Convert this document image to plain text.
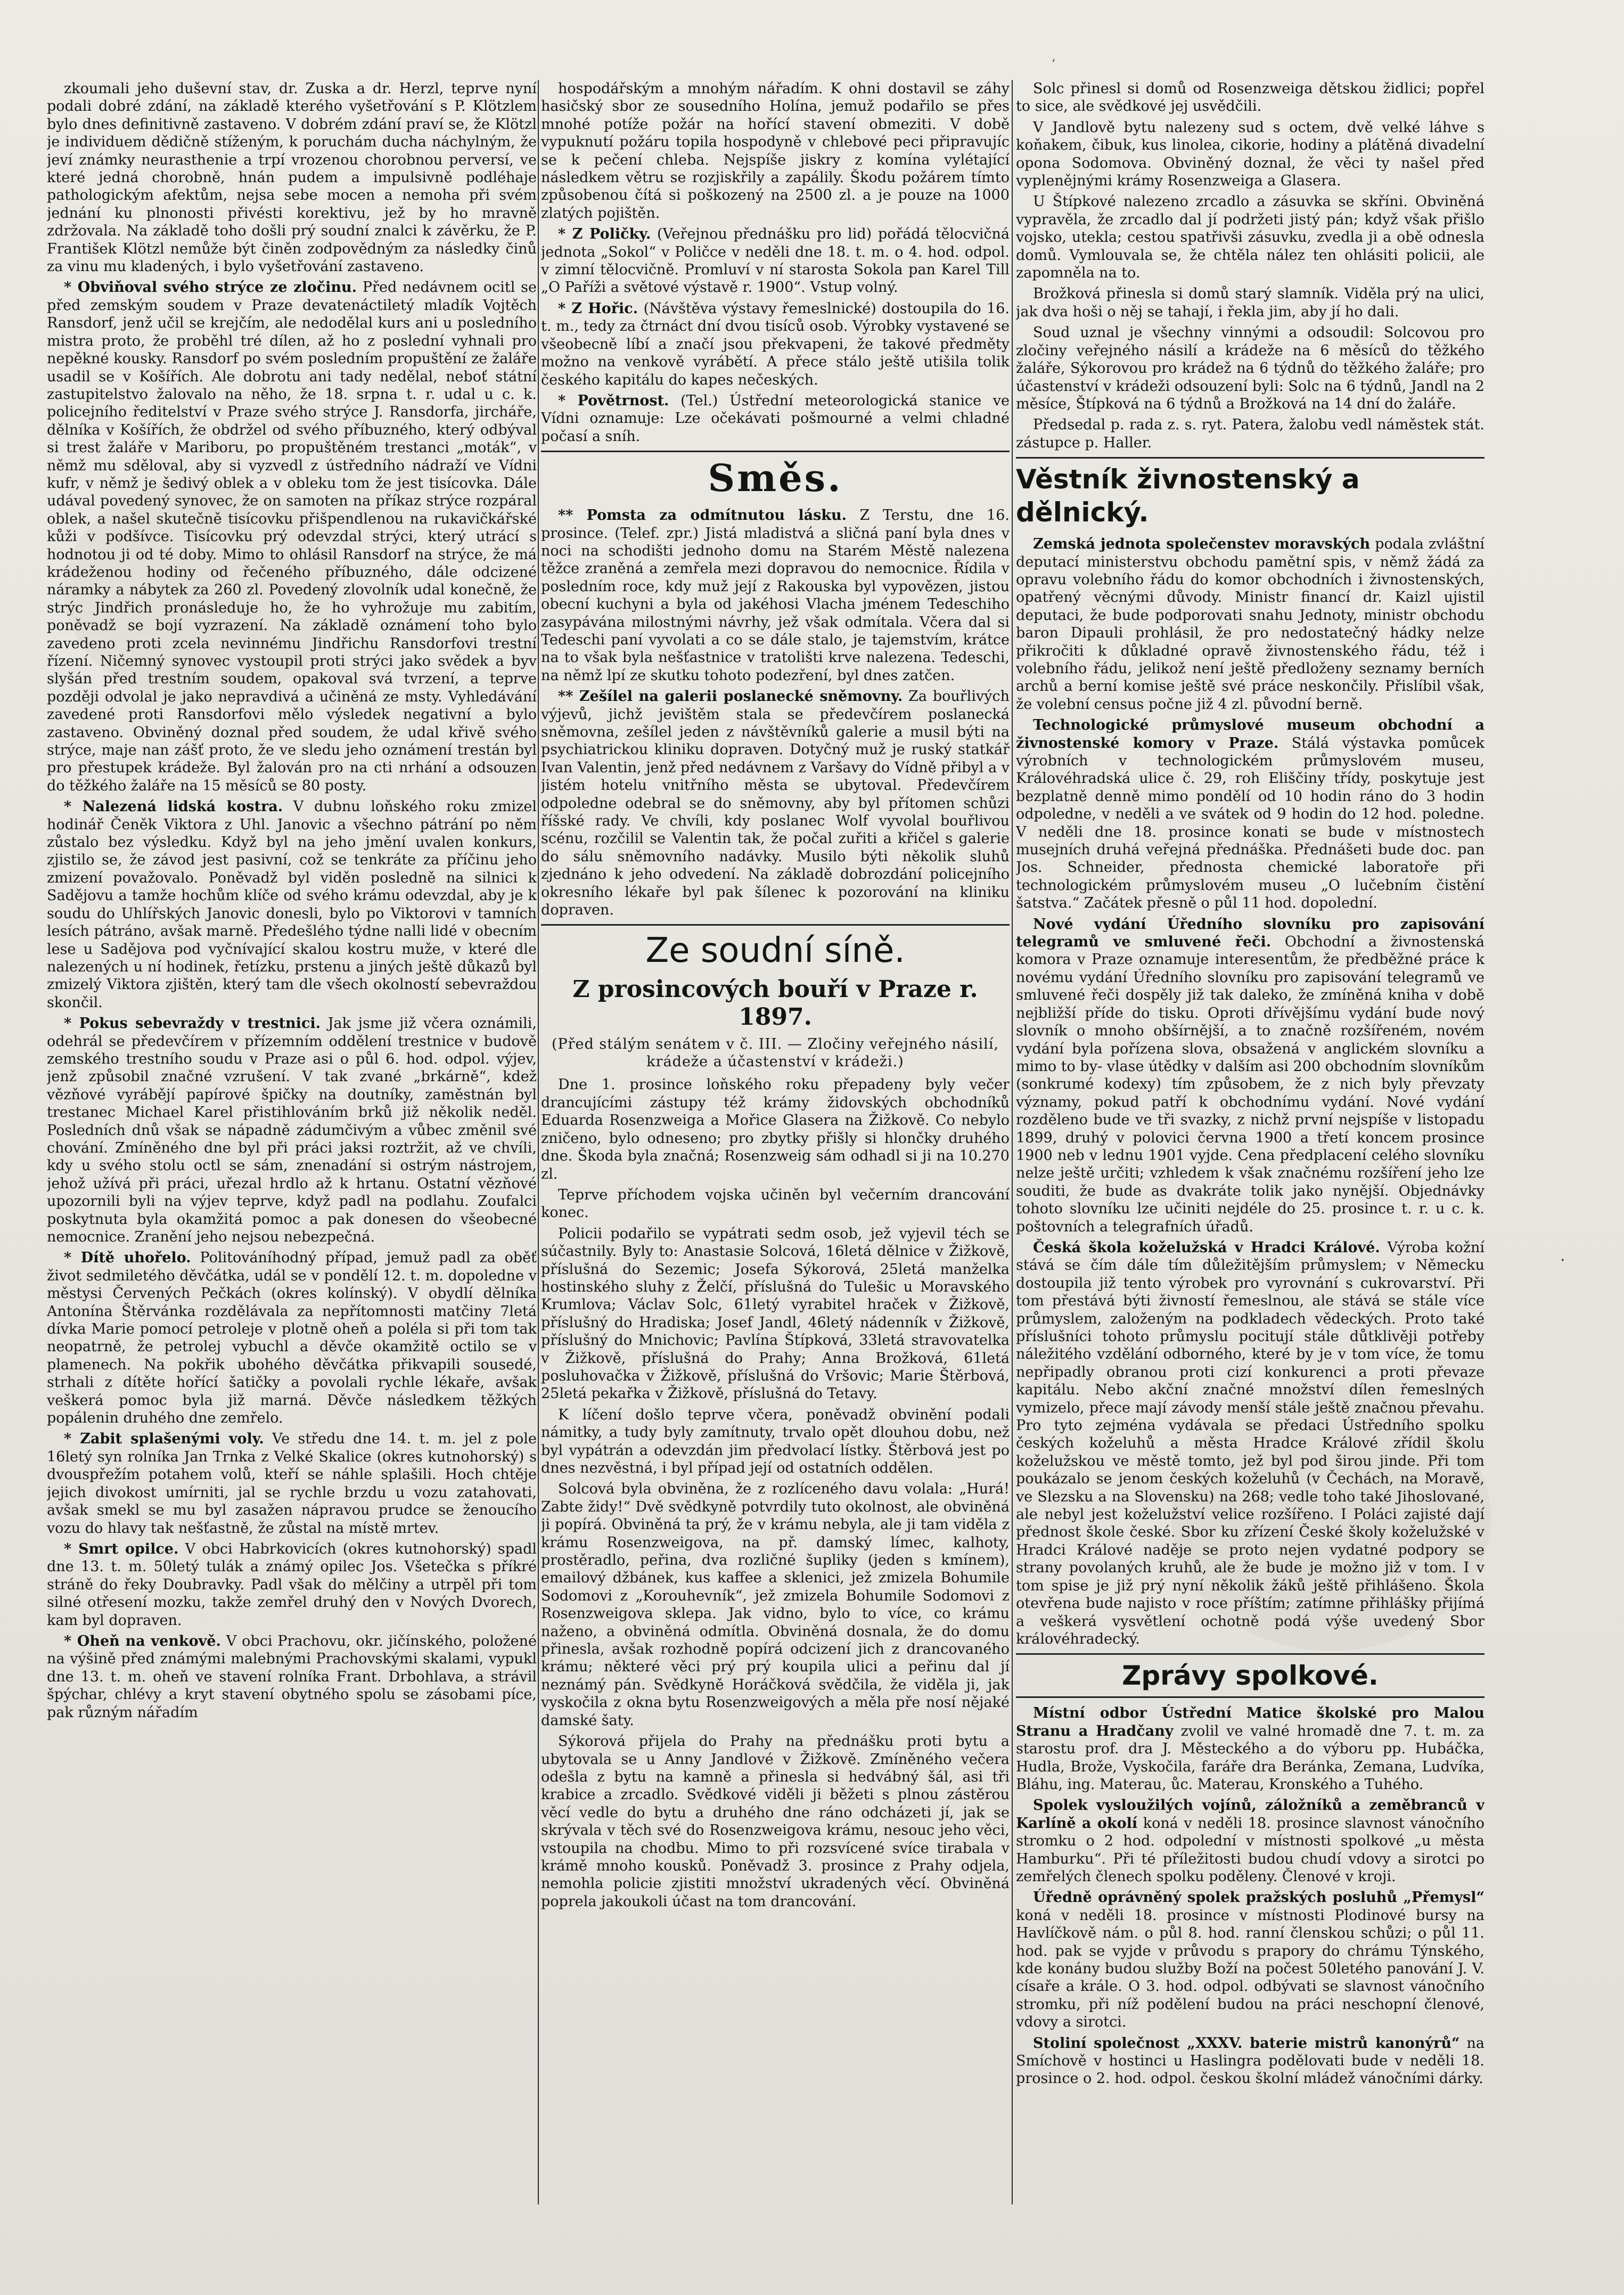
ʻ

zkoumali jeho duševní stav, dr. Zuska a dr. Herzl, teprve nyní podali dobré zdání, na základě kterého vyšetřování s P. Klötzlem bylo dnes definitivně zastaveno. V dobrém zdání praví se, že Klötzl je individuem dědičně stíženým, k poruchám ducha náchylným, že jeví známky neurasthenie a trpí vrozenou chorobnou perversí, ve které jedná chorobně, hnán pudem a impulsivně podléhaje pathologickým afektům, nejsa sebe mocen a nemoha při svém jednání ku plnonosti přivésti korektivu, jež by ho mravně zdržovala. Na základě toho došli prý soudní znalci k závěrku, že P. František Klötzl nemůže být činěn zodpovědným za následky činů za vinu mu kladených, i bylo vyšetřování zastaveno.

* Obviňoval svého strýce ze zločinu. Před nedávnem ocitl se před zemským soudem v Praze devatenáctiletý mladík Vojtěch Ransdorf, jenž učil se krejčím, ale nedodělal kurs ani u posledního mistra proto, že proběhl tré dílen, až ho z poslední vyhnali pro nepěkné kousky. Ransdorf po svém posledním propuštění ze žaláře usadil se v Košířích. Ale dobrotu ani tady nedělal, neboť státní zastupitelstvo žalovalo na něho, že 18. srpna t. r. udal u c. k. policejního ředitelství v Praze svého strýce J. Ransdorfa, jircháře, dělníka v Košířích, že obdržel od svého příbuzného, který odbýval si trest žaláře v Mariboru, po propuštěném trestanci „moták“, v němž mu sděloval, aby si vyzvedl z ústředního nádraží ve Vídni kufr, v němž je šedivý oblek a v obleku tom že jest tisícovka. Dále udával povedený synovec, že on samoten na příkaz strýce rozpáral oblek, a našel skutečně tisícovku přišpendlenou na rukavičkářské kůži v podšívce. Tisícovku prý odevzdal strýci, který utrácí s hodnotou ji od té doby. Mimo to ohlásil Ransdorf na strýce, že má krádeženou hodiny od řečeného příbuzného, dále odcizené náramky a nábytek za 260 zl. Povedený zlovolník udal konečně, že strýc Jindřich pronásleduje ho, že ho vyhrožuje mu zabitím, poněvadž se bojí vyzrazení. Na základě oznámení toho bylo zavedeno proti zcela nevinnému Jindřichu Ransdorfovi trestní řízení. Ničemný synovec vystoupil proti strýci jako svědek a byv slyšán před trestním soudem, opakoval svá tvrzení, a teprve později odvolal je jako nepravdivá a učiněná ze msty. Vyhledávání zavedené proti Ransdorfovi mělo výsledek negativní a bylo zastaveno. Obviněný doznal před soudem, že udal křivě svého strýce, maje nan zášť proto, že ve sledu jeho oznámení trestán byl pro přestupek krádeže. Byl žalován pro na cti nrhání a odsouzen do těžkého žaláře na 15 měsíců se 80 posty.

* Nalezená lidská kostra. V dubnu loňského roku zmizel hodinář Čeněk Viktora z Uhl. Janovic a všechno pátrání po něm zůstalo bez výsledku. Když byl na jeho jmění uvalen konkurs, zjistilo se, že závod jest pasivní, což se tenkráte za příčinu jeho zmizení považovalo. Poněvadž byl viděn posledně na silnici k Sadějovu a tamže hochům klíče od svého krámu odevzdal, aby je k soudu do Uhlířských Janovic donesli, bylo po Viktorovi v tamních lesích pátráno, avšak marně. Předešlého týdne nalli lidé v obecním lese u Sadějova pod vyčnívající skalou kostru muže, v které dle nalezených u ní hodinek, řetízku, prstenu a jiných ještě důkazů byl zmizelý Viktora zjištěn, který tam dle všech okolností sebevraždou skončil.

* Pokus sebevraždy v trestnici. Jak jsme již včera oznámili, odehrál se předevčírem v přízemním oddělení trestnice v budově zemského trestního soudu v Praze asi o půl 6. hod. odpol. výjev, jenž způsobil značné vzrušení. V tak zvané „brkárně“, kdež vězňové vyrábějí papírové špičky na doutníky, zaměstnán byl trestanec Michael Karel přistihlováním brků již několik neděl. Posledních dnů však se nápadně zádumčivým a vůbec změnil své chování. Zmíněného dne byl při práci jaksi roztržit, až ve chvíli, kdy u svého stolu octl se sám, znenadání si ostrým nástrojem, jehož užívá při práci, uřezal hrdlo až k hrtanu. Ostatní vězňové upozornili byli na výjev teprve, když padl na podlahu. Zoufalci poskytnuta byla okamžitá pomoc a pak donesen do všeobecné nemocnice. Zranění jeho nejsou nebezpečná.

* Dítě uhořelo. Politováníhodný případ, jemuž padl za oběť život sedmiletého děvčátka, udál se v pondělí 12. t. m. dopoledne v městysi Červených Pečkách (okres kolínský). V obydlí dělníka Antonína Štěrvánka rozdělávala za nepřítomnosti matčiny 7letá dívka Marie pomocí petroleje v plotně oheň a poléla si při tom tak neopatrně, že petrolej vybuchl a děvče okamžitě octilo se v plamenech. Na pokřik ubohého děvčátka přikvapili sousedé, strhali z dítěte hořící šatičky a povolali rychle lékaře, avšak veškerá pomoc byla již marná. Děvče následkem těžkých popálenin druhého dne zemřelo.

* Zabit splašenými voly. Ve středu dne 14. t. m. jel z pole 16letý syn rolníka Jan Trnka z Velké Skalice (okres kutnohorský) s dvouspřežím potahem volů, kteří se náhle splašili. Hoch chtěje jejich divokost umírniti, jal se rychle brzdu u vozu zatahovati, avšak smekl se mu byl zasažen nápravou prudce se ženoucího vozu do hlavy tak nešťastně, že zůstal na místě mrtev.

* Smrt opilce. V obci Habrkovicích (okres kutnohorský) spadl dne 13. t. m. 50letý tulák a známý opilec Jos. Všetečka s příkré stráně do řeky Doubravky. Padl však do mělčiny a utrpěl při tom silné otřesení mozku, takže zemřel druhý den v Nových Dvorech, kam byl dopraven.

* Oheň na venkově. V obci Prachovu, okr. jičínského, položené na výšině před známými malebnými Prachovskými skalami, vypukl dne 13. t. m. oheň ve stavení rolníka Frant. Drbohlava, a strávil špýchar, chlévy a kryt stavení obytného spolu se zásobami píce, pak různým nářadím

hospodářským a mnohým nářadím. K ohni dostavil se záhy hasičský sbor ze sousedního Holína, jemuž podařilo se přes mnohé potíže požár na hořící stavení obmeziti. V době vypuknutí požáru topila hospodyně v chlebové peci připravujíc se k pečení chleba. Nejspíše jiskry z komína vylétající následkem větru se rozjiskřily a zapálily. Škodu požárem tímto způsobenou čítá si poškozený na 2500 zl. a je pouze na 1000 zlatých pojištěn.

* Z Poličky. (Veřejnou přednášku pro lid) pořádá tělocvičná jednota „Sokol“ v Poličce v neděli dne 18. t. m. o 4. hod. odpol. v zimní tělocvičně. Promluví v ní starosta Sokola pan Karel Till „O Paříži a světové výstavě r. 1900“. Vstup volný.

* Z Hořic. (Návštěva výstavy řemeslnické) dostoupila do 16. t. m., tedy za čtrnáct dní dvou tisíců osob. Výrobky vystavené se všeobecně líbí a značí jsou překvapeni, že takové předměty možno na venkově vyrábětí. A přece stálo ještě utišila tolik českého kapitálu do kapes nečeských.

* Povětrnost. (Tel.) Ústřední meteorologická stanice ve Vídni oznamuje: Lze očekávati pošmourné a velmi chladné počasí a sníh.

Směs.

** Pomsta za odmítnutou lásku. Z Terstu, dne 16. prosince. (Telef. zpr.) Jistá mladistvá a sličná paní byla dnes v noci na schodišti jednoho domu na Starém Městě nalezena těžce zraněná a zemřela mezi dopravou do nemocnice. Řídila v posledním roce, kdy muž její z Rakouska byl vypovězen, jistou obecní kuchyni a byla od jakéhosi Vlacha jménem Tedeschiho zasypávána milostnými návrhy, jež však odmítala. Včera dal si Tedeschi paní vyvolati a co se dále stalo, je tajemstvím, krátce na to však byla nešťastnice v tratolišti krve nalezena. Tedeschi, na němž lpí ze skutku tohoto podezření, byl dnes zatčen.

** Zešílel na galerii poslanecké sněmovny. Za bouřlivých výjevů, jichž jevištěm stala se předevčírem poslanecká sněmovna, zešílel jeden z návštěvníků galerie a musil býti na psychiatrickou kliniku dopraven. Dotyčný muž je ruský statkář Ivan Valentin, jenž před nedávnem z Varšavy do Vídně přibyl a v jistém hotelu vnitřního města se ubytoval. Předevčírem odpoledne odebral se do sněmovny, aby byl přítomen schůzi říšské rady. Ve chvíli, kdy poslanec Wolf vyvolal bouřlivou scénu, rozčilil se Valentin tak, že počal zuřiti a křičel s galerie do sálu sněmovního nadávky. Musilo býti několik sluhů zjednáno k jeho odvedení. Na základě dobrozdání policejního okresního lékaře byl pak šílenec k pozorování na kliniku dopraven.

Ze soudní síně.
Z prosincových bouří v Praze r. 1897.
(Před stálým senátem v č. III. — Zločiny veřejného násilí, krádeže a účastenství v krádeži.)

Dne 1. prosince loňského roku přepadeny byly večer drancujícími zástupy též krámy židovských obchodníků Eduarda Rosenzweiga a Mořice Glasera na Žižkově. Co nebylo zničeno, bylo odneseno; pro zbytky přišly si hlončky druhého dne. Škoda byla značná; Rosenzweig sám odhadl si ji na 10.270 zl.

Teprve příchodem vojska učiněn byl večerním drancování konec.

Policii podařilo se vypátrati sedm osob, jež vyjevil téch se súčastnily. Byly to: Anastasie Solcová, 16letá dělnice v Žižkově, příslušná do Sezemic; Josefa Sýkorová, 25letá manželka hostinského sluhy z Želčí, příslušná do Tulešic u Moravského Krumlova; Václav Solc, 61letý vyrabitel hraček v Žižkově, příslušný do Hradiska; Josef Jandl, 46letý nádenník v Žižkově, příslušný do Mnichovic; Pavlína Štípková, 33letá stravovatelka v Žižkově, příslušná do Prahy; Anna Brožková, 61letá posluhovačka v Žižkově, příslušná do Vršovic; Marie Štěrbová, 25letá pekařka v Žižkově, příslušná do Tetavy.

K líčení došlo teprve včera, poněvadž obvinění podali námitky, a tudy byly zamítnuty, trvalo opět dlouhou dobu, než byl vypátrán a odevzdán jim předvolací lístky. Štěrbová jest po dnes nezvěstná, i byl případ její od ostatních oddělen.

Solcová byla obviněna, že z rozlíceného davu volala: „Hurá! Zabte židy!“ Dvě svědkyně potvrdily tuto okolnost, ale obviněná ji popírá. Obviněná ta prý, že v krámu nebyla, ale ji tam viděla z krámu Rosenzweigova, na př. damský límec, kalhoty, prostěradlo, peřina, dva rozličné šupliky (jeden s kmínem), emailový džbánek, kus kaffee a sklenici, jež zmizela Bohumile Sodomovi z „Korouhevník“, jež zmizela Bohumile Sodomovi z Rosenzweigova sklepa. Jak vidno, bylo to více, co krámu naženo, a obviněná odmítla. Obviněná dosnala, že do domu přinesla, avšak rozhodně popírá odcizení jich z drancovaného krámu; některé věci prý prý koupila ulici a peřinu dal jí neznámý pán. Svědkyně Horáčková svědčila, že viděla ji, jak vyskočila z okna bytu Rosenzweigových a měla pře nosí nějaké damské šaty.

Sýkorová přijela do Prahy na přednášku proti bytu a ubytovala se u Anny Jandlové v Žižkově. Zmíněného večera odešla z bytu na kamně a přinesla si hedvábný šál, asi tři krabice a zrcadlo. Svědkové viděli ji běžeti s plnou zástěrou věcí vedle do bytu a druhého dne ráno odcházeti jí, jak se skrývala v těch své do Rosenzweigova krámu, nesouc jeho věci, vstoupila na chodbu. Mimo to při rozsvícené svíce tirabala v krámě mnoho kousků. Poněvadž 3. prosince z Prahy odjela, nemohla policie zjistiti množství ukradených věcí. Obviněná poprela jakoukoli účast na tom drancování.

Solc přinesl si domů od Rosenzweiga dětskou židlici; popřel to sice, ale svědkové jej usvědčili.

V Jandlově bytu nalezeny sud s octem, dvě velké láhve s koňakem, čibuk, kus linolea, cikorie, hodiny a plátěná divadelní opona Sodomova. Obviněný doznal, že věci ty našel před vyplenějnými krámy Rosenzweiga a Glasera.

U Štípkové nalezeno zrcadlo a zásuvka se skříni. Obviněná vypravěla, že zrcadlo dal jí podržeti jistý pán; když však přišlo vojsko, utekla; cestou spatřivši zásuvku, zvedla ji a obě odnesla domů. Vymlouvala se, že chtěla nález ten ohlásiti policii, ale zapomněla na to.

Brožková přinesla si domů starý slamník. Viděla prý na ulici, jak dva hoši o něj se tahají, i řekla jim, aby jí ho dali.

Soud uznal je všechny vinnými a odsoudil: Solcovou pro zločiny veřejného násilí a krádeže na 6 měsíců do těžkého žaláře, Sýkorovou pro krádež na 6 týdnů do těžkého žaláře; pro účastenství v krádeži odsouzení byli: Solc na 6 týdnů, Jandl na 2 měsíce, Štípková na 6 týdnů a Brožková na 14 dní do žaláře.

Předsedal p. rada z. s. ryt. Patera, žalobu vedl náměstek stát. zástupce p. Haller.

Věstník živnostenský a dělnický.

Zemská jednota společenstev moravských podala zvláštní deputací ministerstvu obchodu pamětní spis, v němž žádá za opravu volebního řádu do komor obchodních i živnostenských, opatřený věcnými důvody. Ministr financí dr. Kaizl ujistil deputaci, že bude podporovati snahu Jednoty, ministr obchodu baron Dipauli prohlásil, že pro nedostatečný hádky nelze přikročiti k důkladné opravě živnostenského řádu, též i volebního řádu, jelikož není ještě předloženy seznamy berních archů a berní komise ještě své práce neskončily. Přislíbil však, že volební census počne již 4 zl. původní berně.

Technologické průmyslové museum obchodní a živnostenské komory v Praze. Stálá výstavka pomůcek výrobních v technologickém průmyslovém museu, Královéhradská ulice č. 29, roh Eliščiny třídy, poskytuje jest bezplatně denně mimo pondělí od 10 hodin ráno do 3 hodin odpoledne, v neděli a ve svátek od 9 hodin do 12 hod. poledne. V neděli dne 18. prosince konati se bude v místnostech musejních druhá veřejná přednáška. Přednášeti bude doc. pan Jos. Schneider, přednosta chemické laboratoře při technologickém průmyslovém museu „O lučebním čistění šatstva.“ Začátek přesně o půl 11 hod. dopolední.

Nové vydání Úředního slovníku pro zapisování telegramů ve smluvené řeči. Obchodní a živnostenská komora v Praze oznamuje interesentům, že předběžné práce k novému vydání Úředního slovníku pro zapisování telegramů ve smluvené řeči dospěly již tak daleko, že zmíněná kniha v době nejbližší příde do tisku. Oproti dřívějšímu vydání bude nový slovník o mnoho obšírnější, a to značně rozšířeném, novém vydání byla pořízena slova, obsažená v anglickém slovníku a mimo to by- vlase útědky v dalším asi 200 obchodním slovníkům (sonkrumé kodexy) tím způsobem, že z nich byly převzaty významy, pokud patří k obchodnímu vydání. Nové vydání rozděleno bude ve tři svazky, z nichž první nejspíše v listopadu 1899, druhý v polovici června 1900 a třetí koncem prosince 1900 neb v lednu 1901 vyjde. Cena předplacení celého slovníku nelze ještě určiti; vzhledem k však značnému rozšíření jeho lze souditi, že bude as dvakráte tolik jako nynější. Objednávky tohoto slovníku lze učiniti nejdéle do 25. prosince t. r. u c. k. poštovních a telegrafních úřadů.

Česká škola koželužská v Hradci Králové. Výroba kožní stává se čím dále tím důležitějším průmyslem; v Německu dostoupila již tento výrobek pro vyrovnání s cukrovarství. Při tom přestává býti živností řemeslnou, ale stává se stále více průmyslem, založeným na podkladech vědeckých. Proto také příslušníci tohoto průmyslu pocitují stále důtklivěji potřeby náležitého vzdělání odborného, které by je v tom více, že tomu nepřipadly obranou proti cizí konkurenci a proti převaze kapitálu. Nebo akční značné množství dílen řemeslných vymizelo, přece mají závody menší stále ještě značnou převahu. Pro tyto zejména vydávala se předaci Ústředního spolku českých koželuhů a města Hradce Králové zřídil školu koželužskou ve městě tomto, jež byl pod širou jinde. Při tom poukázalo se jenom českých koželuhů (v Čechách, na Moravě, ve Slezsku a na Slovensku) na 268; vedle toho také Jihoslované, ale nebyl jest koželužství velice rozšířeno. I Poláci zajisté dají přednost škole české. Sbor ku zřízení České školy koželužské v Hradci Králové naděje se proto nejen vydatné podpory se strany povolaných kruhů, ale že bude je možno již v tom. I v tom spise je již prý nyní několik žáků ještě přihlášeno. Škola otevřena bude najisto v roce příštím; zatímne přihlášky přijímá a veškerá vysvětlení ochotně podá výše uvedený Sbor královéhradecký.

Zprávy spolkové.

Místní odbor Ústřední Matice školské pro Malou Stranu a Hradčany zvolil ve valné hromadě dne 7. t. m. za starostu prof. dra J. Městeckého a do výboru pp. Hubáčka, Hudla, Brože, Vyskočila, faráře dra Beránka, Zemana, Ludvíka, Bláhu, ing. Materau, ůc. Materau, Kronského a Tuhého.

Spolek vysloužilých vojínů, záložníků a zeměbranců v Karlíně a okolí koná v neděli 18. prosince slavnost vánočního stromku o 2 hod. odpolední v místnosti spolkové „u města Hamburku“. Při té příležitosti budou chudí vdovy a sirotci po zemřelých členech spolku poděleny. Členové v kroji.

Úředně oprávněný spolek pražských posluhů „Přemysl“ koná v neděli 18. prosince v místnosti Plodinové bursy na Havlíčkově nám. o půl 8. hod. ranní členskou schůzi; o půl 11. hod. pak se vyjde v průvodu s prapory do chrámu Týnského, kde konány budou služby Boží na počest 50letého panování J. V. císaře a krále. O 3. hod. odpol. odbývati se slavnost vánočního stromku, při níž podělení budou na práci neschopní členové, vdovy a sirotci.

Stoliní společnost „XXXV. baterie mistrů kanonýrů“ na Smíchově v hostinci u Haslingra podělovati bude v neděli 18. prosince o 2. hod. odpol. českou školní mládež vánočními dárky.

.
